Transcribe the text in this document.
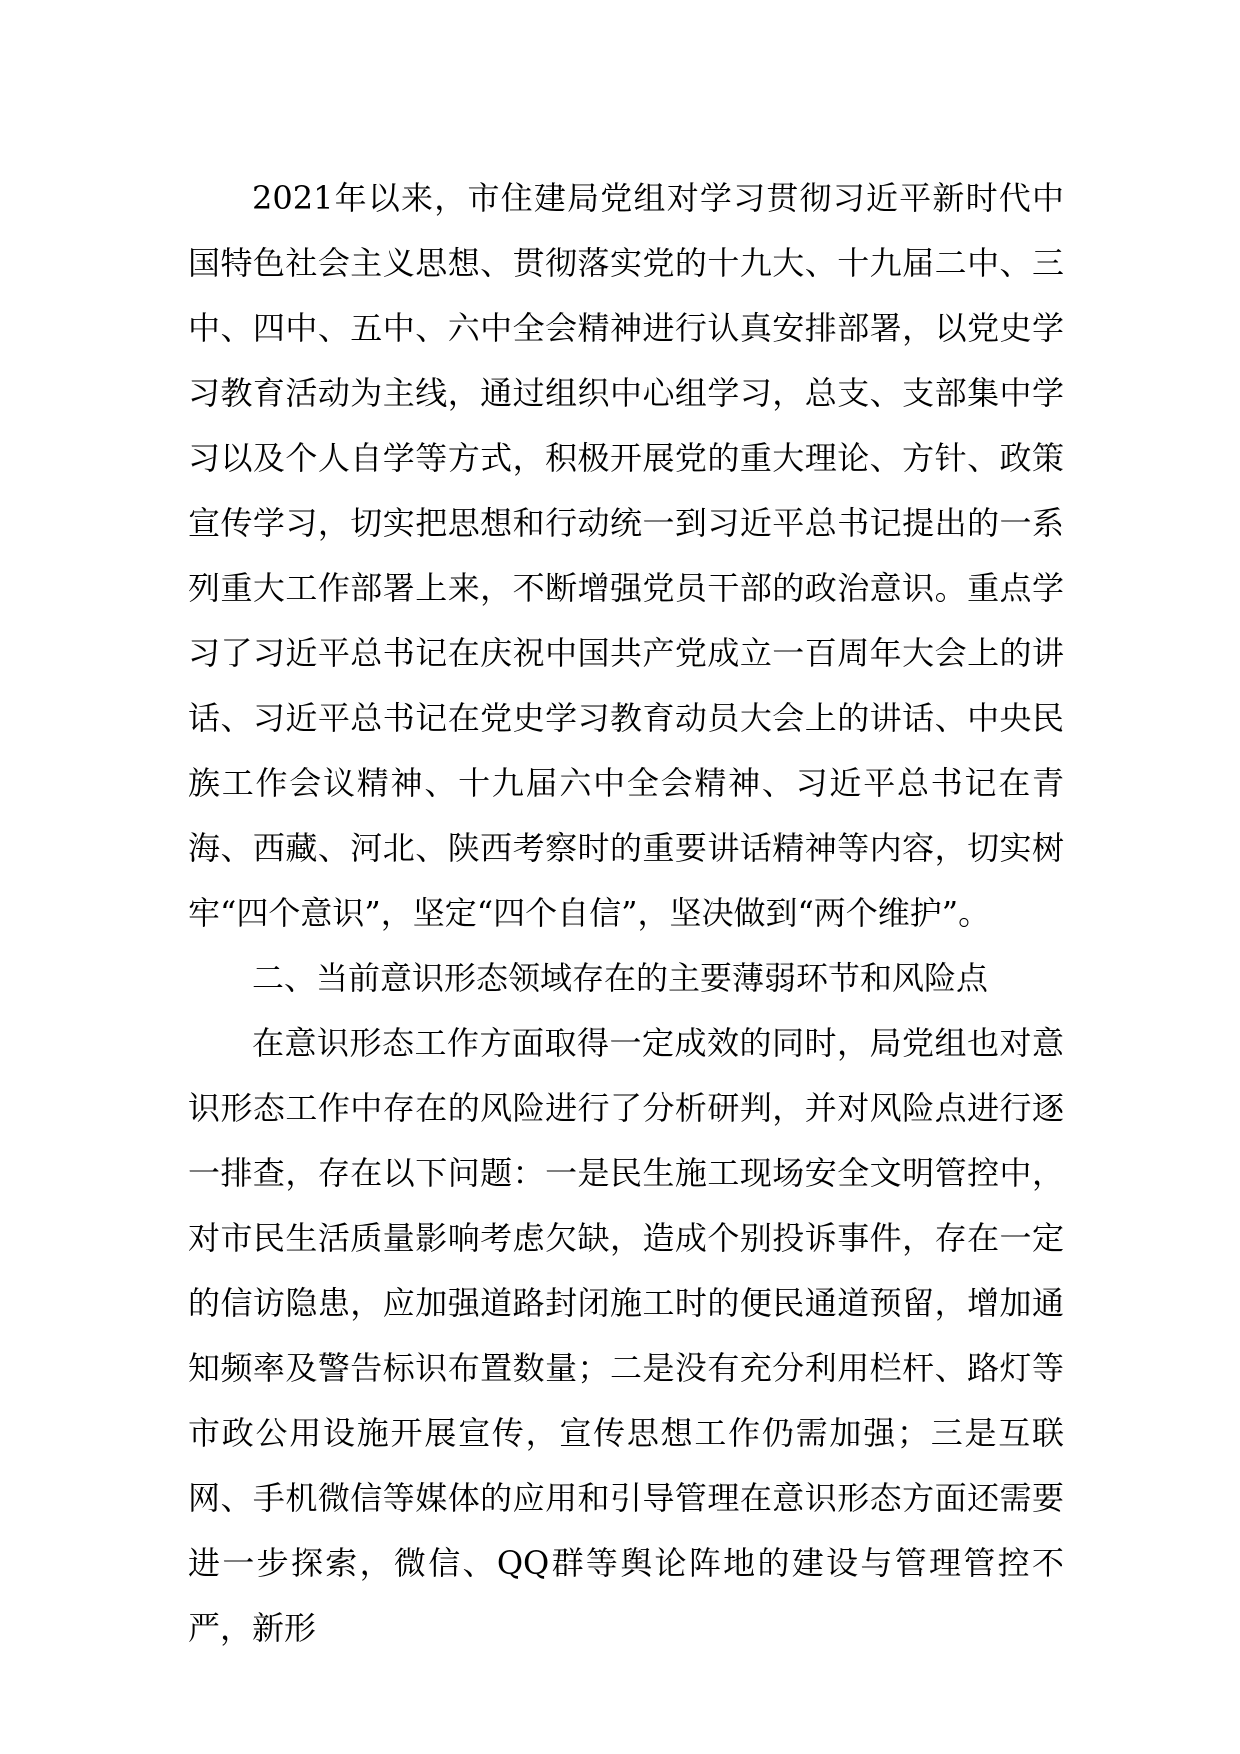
2021年以来，市住建局党组对学习贯彻习近平新时代中国特色社会主义思想、贯彻落实党的十九大、十九届二中、三中、四中、五中、六中全会精神进行认真安排部署，以党史学习教育活动为主线，通过组织中心组学习，总支、支部集中学习以及个人自学等方式，积极开展党的重大理论、方针、政策宣传学习，切实把思想和行动统一到习近平总书记提出的一系列重大工作部署上来，不断增强党员干部的政治意识。重点学习了习近平总书记在庆祝中国共产党成立一百周年大会上的讲话、习近平总书记在党史学习教育动员大会上的讲话、中央民族工作会议精神、十九届六中全会精神、习近平总书记在青海、西藏、河北、陕西考察时的重要讲话精神等内容，切实树牢“四个意识”，坚定“四个自信”，坚决做到“两个维护”。

二、当前意识形态领域存在的主要薄弱环节和风险点

在意识形态工作方面取得一定成效的同时，局党组也对意识形态工作中存在的风险进行了分析研判，并对风险点进行逐一排查，存在以下问题：一是民生施工现场安全文明管控中，对市民生活质量影响考虑欠缺，造成个别投诉事件，存在一定的信访隐患，应加强道路封闭施工时的便民通道预留，增加通知频率及警告标识布置数量；二是没有充分利用栏杆、路灯等市政公用设施开展宣传，宣传思想工作仍需加强；三是互联网、手机微信等媒体的应用和引导管理在意识形态方面还需要进一步探索，微信、QQ群等舆论阵地的建设与管理管控不严，新形
